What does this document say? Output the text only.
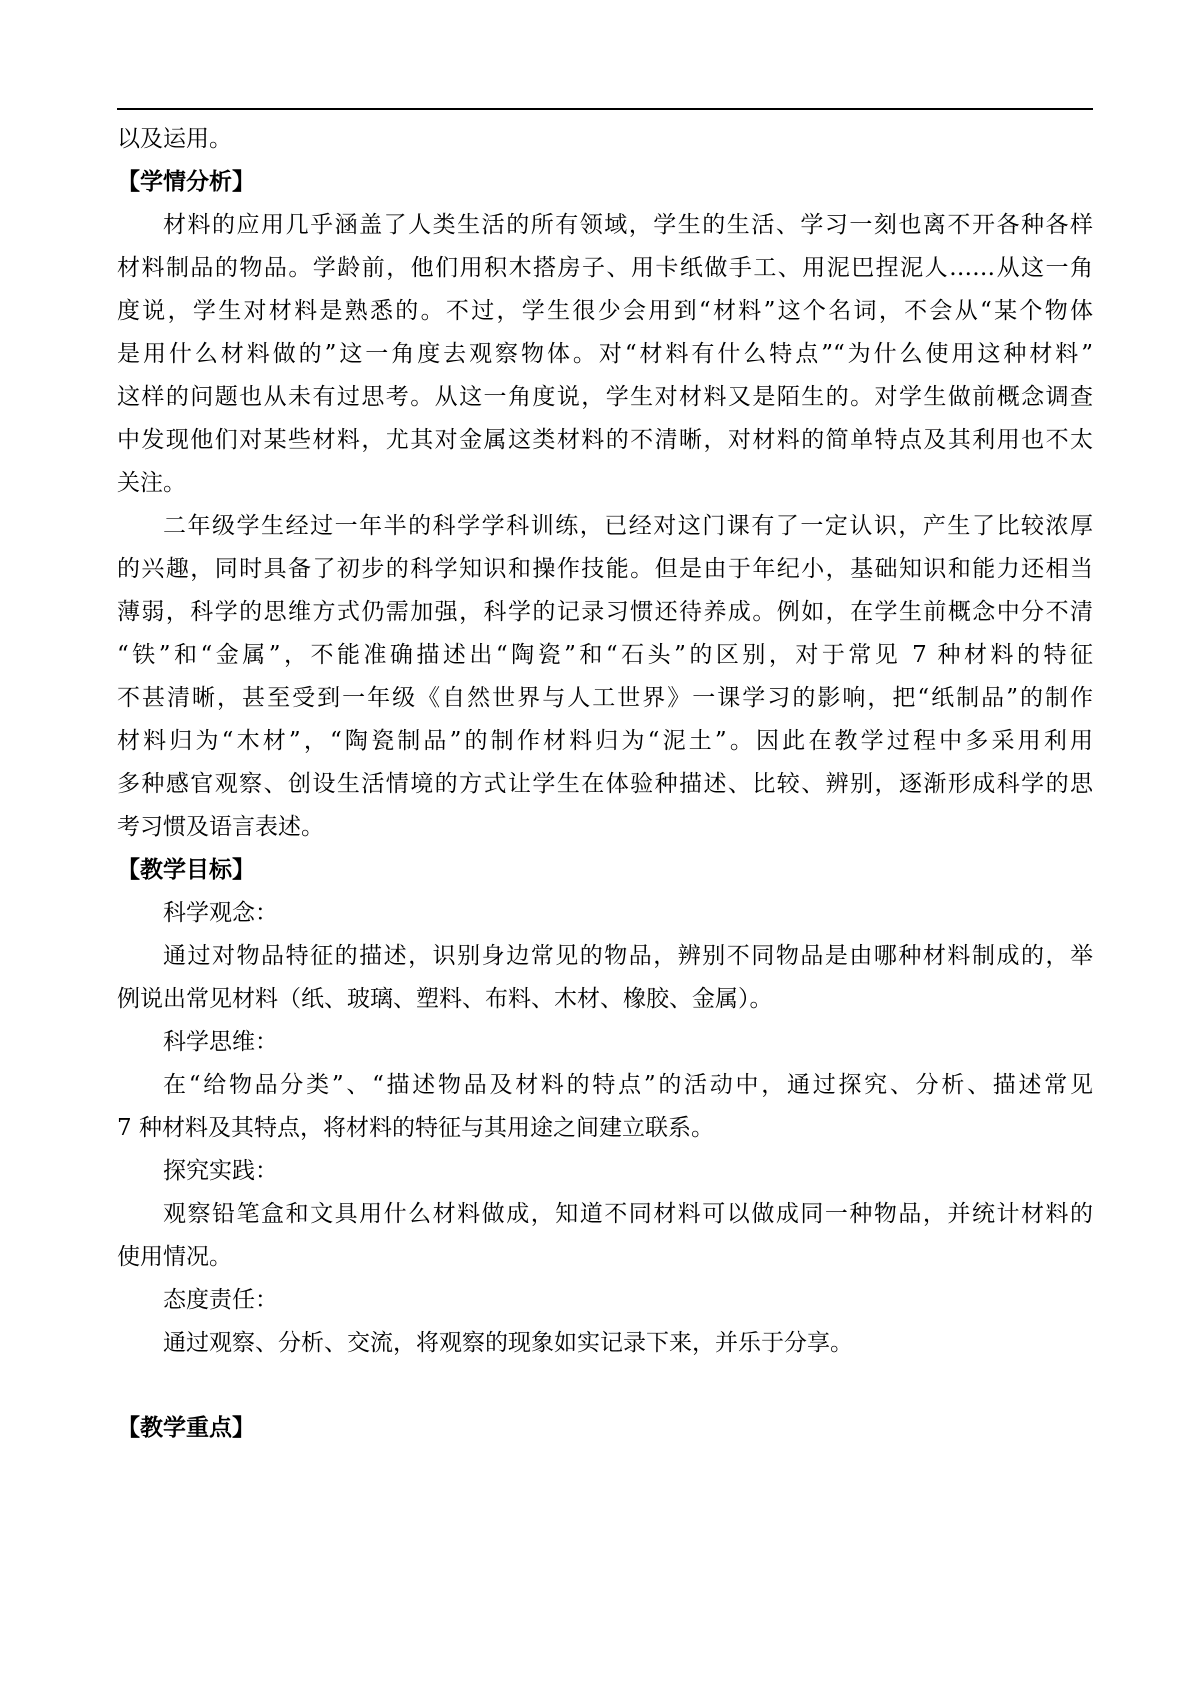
以及运用。
【学情分析】
材料的应用几乎涵盖了人类生活的所有领域，学生的生活、学习一刻也离不开各种各样
材料制品的物品。学龄前，他们用积木搭房子、用卡纸做手工、用泥巴捏泥人……从这一角
度说，学生对材料是熟悉的。不过，学生很少会用到“材料”这个名词，不会从“某个物体
是用什么材料做的”这一角度去观察物体。对“材料有什么特点”“为什么使用这种材料”
这样的问题也从未有过思考。从这一角度说，学生对材料又是陌生的。对学生做前概念调查
中发现他们对某些材料，尤其对金属这类材料的不清晰，对材料的简单特点及其利用也不太
关注。
二年级学生经过一年半的科学学科训练，已经对这门课有了一定认识，产生了比较浓厚
的兴趣，同时具备了初步的科学知识和操作技能。但是由于年纪小，基础知识和能力还相当
薄弱，科学的思维方式仍需加强，科学的记录习惯还待养成。例如，在学生前概念中分不清
“铁”和“金属”，不能准确描述出“陶瓷”和“石头”的区别，对于常见 7 种材料的特征
不甚清晰，甚至受到一年级《自然世界与人工世界》一课学习的影响，把“纸制品”的制作
材料归为“木材”，“陶瓷制品”的制作材料归为“泥土”。因此在教学过程中多采用利用
多种感官观察、创设生活情境的方式让学生在体验种描述、比较、辨别，逐渐形成科学的思
考习惯及语言表述。
【教学目标】
科学观念：
通过对物品特征的描述，识别身边常见的物品，辨别不同物品是由哪种材料制成的，举
例说出常见材料（纸、玻璃、塑料、布料、木材、橡胶、金属）。
科学思维：
在“给物品分类”、“描述物品及材料的特点”的活动中，通过探究、分析、描述常见
7 种材料及其特点，将材料的特征与其用途之间建立联系。
探究实践：
观察铅笔盒和文具用什么材料做成，知道不同材料可以做成同一种物品，并统计材料的
使用情况。
态度责任：
通过观察、分析、交流，将观察的现象如实记录下来，并乐于分享。
【教学重点】
